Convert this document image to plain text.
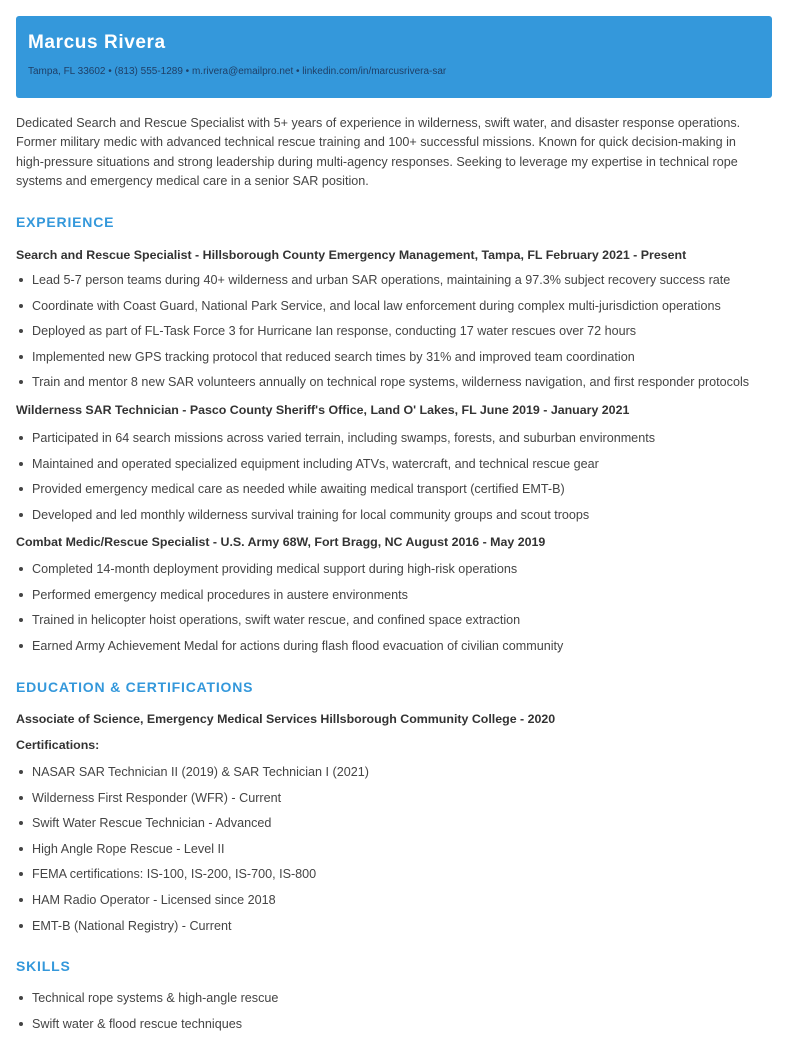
Marcus Rivera
Tampa, FL 33602 • (813) 555-1289 • m.rivera@emailpro.net • linkedin.com/in/marcusrivera-sar

Dedicated Search and Rescue Specialist with 5+ years of experience in wilderness, swift water, and disaster response operations. Former military medic with advanced technical rescue training and 100+ successful missions. Known for quick decision-making in high-pressure situations and strong leadership during multi-agency responses. Seeking to leverage my expertise in technical rope systems and emergency medical care in a senior SAR position.

EXPERIENCE
Search and Rescue Specialist - Hillsborough County Emergency Management, Tampa, FL February 2021 - Present
Lead 5-7 person teams during 40+ wilderness and urban SAR operations, maintaining a 97.3% subject recovery success rate
Coordinate with Coast Guard, National Park Service, and local law enforcement during complex multi-jurisdiction operations
Deployed as part of FL-Task Force 3 for Hurricane Ian response, conducting 17 water rescues over 72 hours
Implemented new GPS tracking protocol that reduced search times by 31% and improved team coordination
Train and mentor 8 new SAR volunteers annually on technical rope systems, wilderness navigation, and first responder protocols
Wilderness SAR Technician - Pasco County Sheriff's Office, Land O' Lakes, FL June 2019 - January 2021
Participated in 64 search missions across varied terrain, including swamps, forests, and suburban environments
Maintained and operated specialized equipment including ATVs, watercraft, and technical rescue gear
Provided emergency medical care as needed while awaiting medical transport (certified EMT-B)
Developed and led monthly wilderness survival training for local community groups and scout troops
Combat Medic/Rescue Specialist - U.S. Army 68W, Fort Bragg, NC August 2016 - May 2019
Completed 14-month deployment providing medical support during high-risk operations
Performed emergency medical procedures in austere environments
Trained in helicopter hoist operations, swift water rescue, and confined space extraction
Earned Army Achievement Medal for actions during flash flood evacuation of civilian community
EDUCATION & CERTIFICATIONS
Associate of Science, Emergency Medical Services Hillsborough Community College - 2020
Certifications:
NASAR SAR Technician II (2019) & SAR Technician I (2021)
Wilderness First Responder (WFR) - Current
Swift Water Rescue Technician - Advanced
High Angle Rope Rescue - Level II
FEMA certifications: IS-100, IS-200, IS-700, IS-800
HAM Radio Operator - Licensed since 2018
EMT-B (National Registry) - Current
SKILLS
Technical rope systems & high-angle rescue
Swift water & flood rescue techniques
